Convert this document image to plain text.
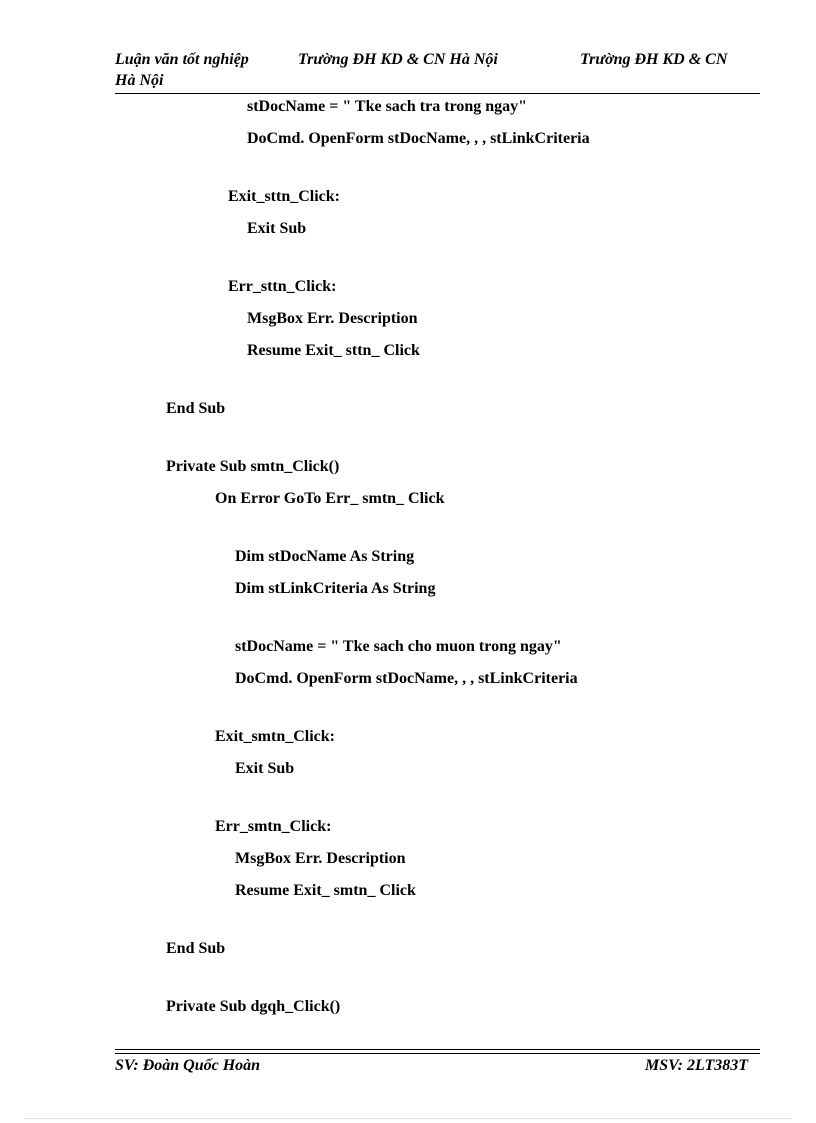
Luận văn tốt nghiệp	Trường ĐH KD & CN Hà Nội	Trường ĐH KD & CN
Hà Nội
stDocName = " Tke sach tra trong ngay"
DoCmd. OpenForm stDocName, , , stLinkCriteria
Exit_sttn_Click:
Exit Sub
Err_sttn_Click:
MsgBox Err. Description
Resume Exit_ sttn_ Click
End Sub
Private Sub smtn_Click()
On Error GoTo Err_ smtn_ Click
Dim stDocName As String
Dim stLinkCriteria As String
stDocName = " Tke sach cho muon trong ngay"
DoCmd. OpenForm stDocName, , , stLinkCriteria
Exit_smtn_Click:
Exit Sub
Err_smtn_Click:
MsgBox Err. Description
Resume Exit_ smtn_ Click
End Sub
Private Sub dgqh_Click()
SV: Đoàn Quốc Hoàn	MSV: 2LT383T
